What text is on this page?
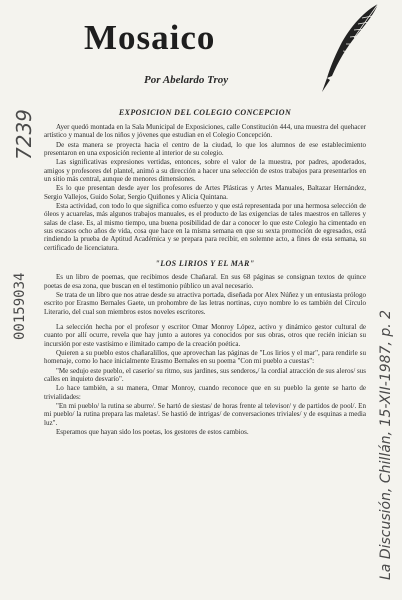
Mosaico
Por Abelardo Troy
7239
00159034
La Discusión, Chillán, 15-XII-1987, p. 2
EXPOSICION DEL COLEGIO CONCEPCION

Ayer quedó montada en la Sala Municipal de Exposiciones, calle Constitución 444, una muestra del quehacer artístico y manual de los niños y jóvenes que estudian en el Colegio Concepción.

De esta manera se proyecta hacia el centro de la ciudad, lo que los alumnos de ese establecimiento presentaron en una exposición reciente al interior de su colegio.

Las significativas expresiones vertidas, entonces, sobre el valor de la muestra, por padres, apoderados, amigos y profesores del plantel, animó a su dirección a hacer una selección de estos trabajos para presentarlos en un sitio más central, aunque de menores dimensiones.

Es lo que presentan desde ayer los profesores de Artes Plásticas y Artes Manuales, Baltazar Hernández, Sergio Vallejos, Guido Solar, Sergio Quiñones y Alicia Quintana.

Esta actividad, con todo lo que significa como esfuerzo y que está representada por una hermosa selección de óleos y acuarelas, más algunos trabajos manuales, es el producto de las exigencias de tales maestros en talleres y salas de clase. Es, al mismo tiempo, una buena posibilidad de dar a conocer lo que este Colegio ha cimentado en sus escasos ocho años de vida, cosa que hace en la misma semana en que su sexta promoción de egresados, está rindiendo la prueba de Aptitud Académica y se prepara para recibir, en solemne acto, a fines de esta semana, su certificado de licenciatura.

"LOS LIRIOS Y EL MAR"

Es un libro de poemas, que recibimos desde Chañaral. En sus 68 páginas se consignan textos de quince poetas de esa zona, que buscan en el testimonio público un aval necesario.

Se trata de un libro que nos atrae desde su atractiva portada, diseñada por Alex Núñez y un entusiasta prólogo escrito por Erasmo Bernales Gaete, un prohombre de las letras nortinas, cuyo nombre lo es también del Círculo Literario, del cual son miembros estos noveles escritores.

La selección hecha por el profesor y escritor Omar Monroy López, activo y dinámico gestor cultural de cuanto por allí ocurre, revela que hay junto a autores ya conocidos por sus obras, otros que recién inician su incursión por este vastísimo e ilimitado campo de la creación poética.

Quieren a su pueblo estos chañaralillos, que aprovechan las páginas de "Los lirios y el mar", para rendirle su homenaje, como lo hace inicialmente Erasmo Bernales en su poema "Con mi pueblo a cuestas":

"Me sedujo este pueblo, el caserío/ su ritmo, sus jardines, sus senderos,/ la cordial atracción de sus aleros/ sus calles en inquieto desvarío".

Lo hace también, a su manera, Omar Monroy, cuando reconoce que en su pueblo la gente se harto de trivialidades:

"En mi pueblo/ la rutina se aburre/. Se hartó de siestas/ de horas frente al televisor/ y de partidos de pool/. En mi pueblo/ la rutina prepara las maletas/. Se hastió de intrigas/ de conversaciones triviales/ y de esquinas a media luz".

Esperamos que hayan sido los poetas, los gestores de estos cambios.
